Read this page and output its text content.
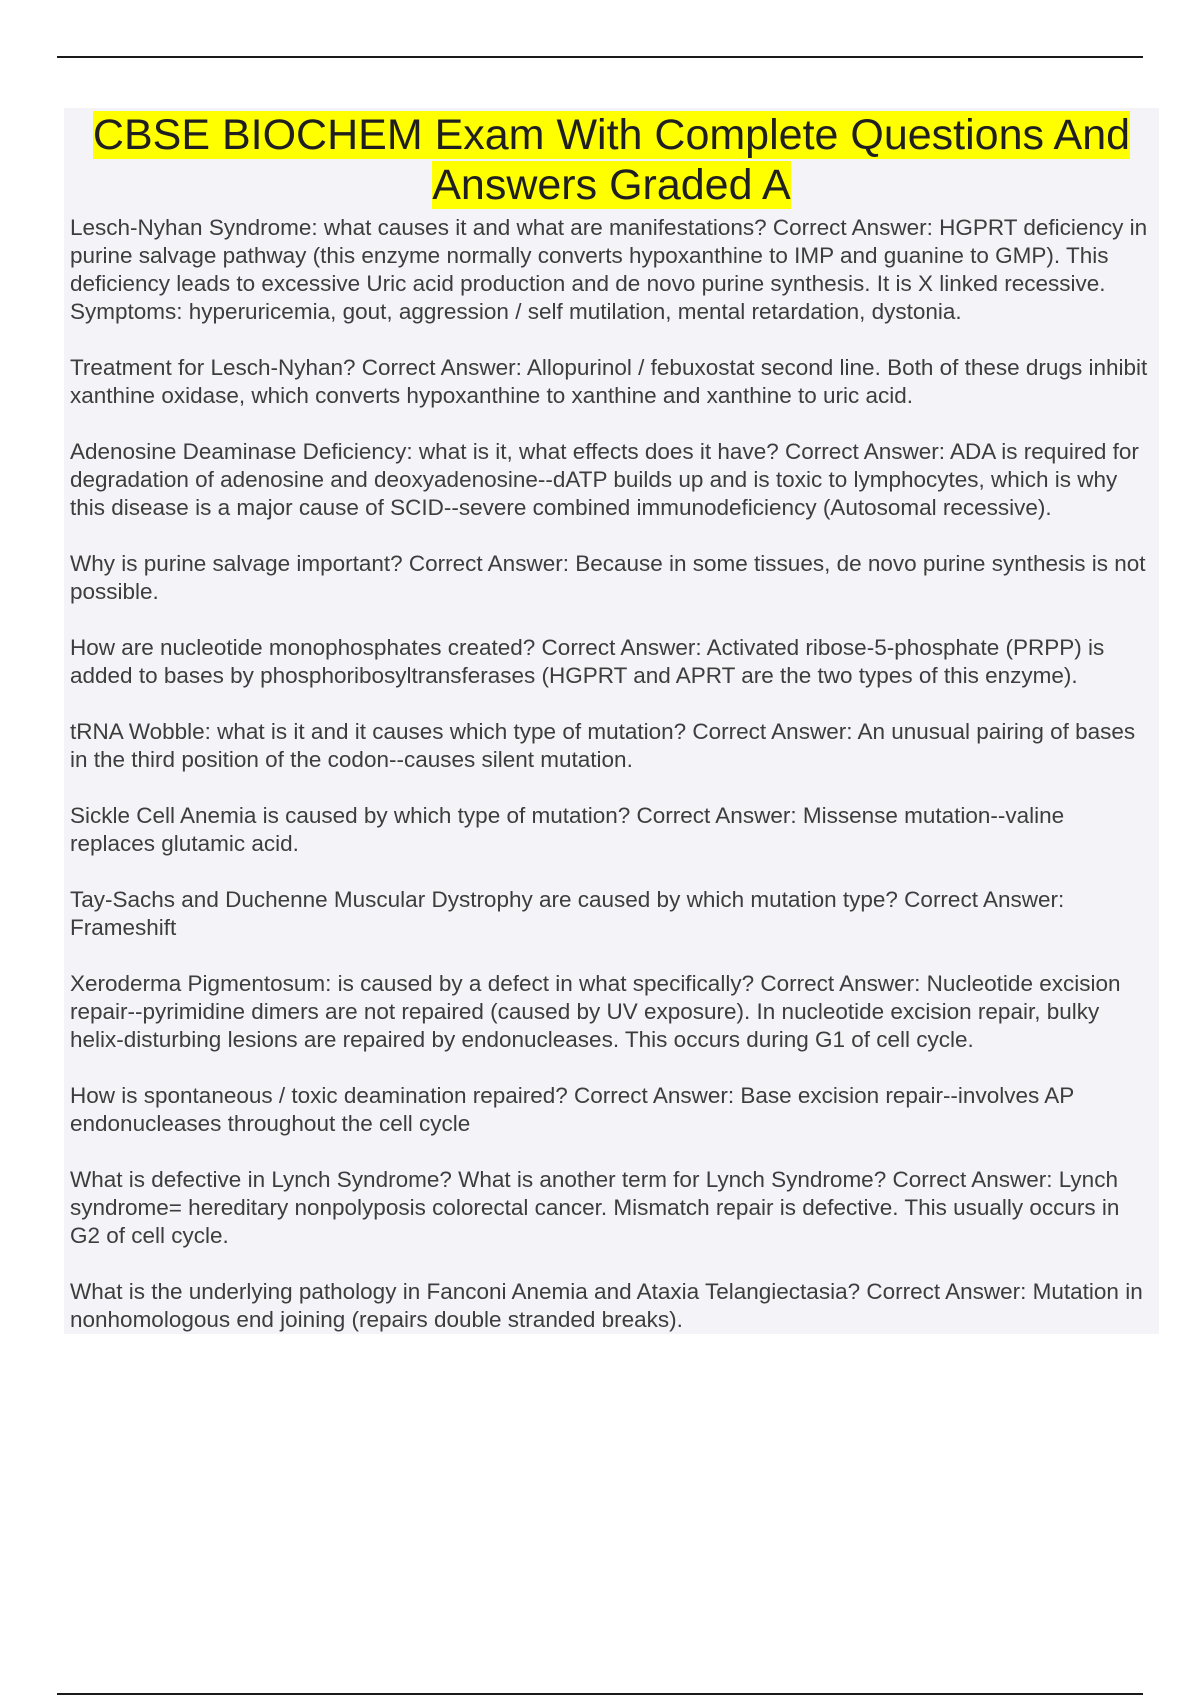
CBSE BIOCHEM Exam With Complete Questions And
Answers Graded A
Lesch-Nyhan Syndrome: what causes it and what are manifestations? Correct Answer: HGPRT deficiency in purine salvage pathway (this enzyme normally converts hypoxanthine to IMP and guanine to GMP). This deficiency leads to excessive Uric acid production and de novo purine synthesis. It is X linked recessive. Symptoms: hyperuricemia, gout, aggression / self mutilation, mental retardation, dystonia.
Treatment for Lesch-Nyhan? Correct Answer: Allopurinol / febuxostat second line. Both of these drugs inhibit xanthine oxidase, which converts hypoxanthine to xanthine and xanthine to uric acid.
Adenosine Deaminase Deficiency: what is it, what effects does it have? Correct Answer: ADA is required for degradation of adenosine and deoxyadenosine--dATP builds up and is toxic to lymphocytes, which is why this disease is a major cause of SCID--severe combined immunodeficiency (Autosomal recessive).
Why is purine salvage important? Correct Answer: Because in some tissues, de novo purine synthesis is not possible.
How are nucleotide monophosphates created? Correct Answer: Activated ribose-5-phosphate (PRPP) is added to bases by phosphoribosyltransferases (HGPRT and APRT are the two types of this enzyme).
tRNA Wobble: what is it and it causes which type of mutation? Correct Answer: An unusual pairing of bases in the third position of the codon--causes silent mutation.
Sickle Cell Anemia is caused by which type of mutation? Correct Answer: Missense mutation--valine replaces glutamic acid.
Tay-Sachs and Duchenne Muscular Dystrophy are caused by which mutation type? Correct Answer: Frameshift
Xeroderma Pigmentosum: is caused by a defect in what specifically? Correct Answer: Nucleotide excision repair--pyrimidine dimers are not repaired (caused by UV exposure). In nucleotide excision repair, bulky helix-disturbing lesions are repaired by endonucleases. This occurs during G1 of cell cycle.
How is spontaneous / toxic deamination repaired? Correct Answer: Base excision repair--involves AP endonucleases throughout the cell cycle
What is defective in Lynch Syndrome? What is another term for Lynch Syndrome? Correct Answer: Lynch syndrome= hereditary nonpolyposis colorectal cancer. Mismatch repair is defective. This usually occurs in G2 of cell cycle.
What is the underlying pathology in Fanconi Anemia and Ataxia Telangiectasia? Correct Answer: Mutation in nonhomologous end joining (repairs double stranded breaks).
